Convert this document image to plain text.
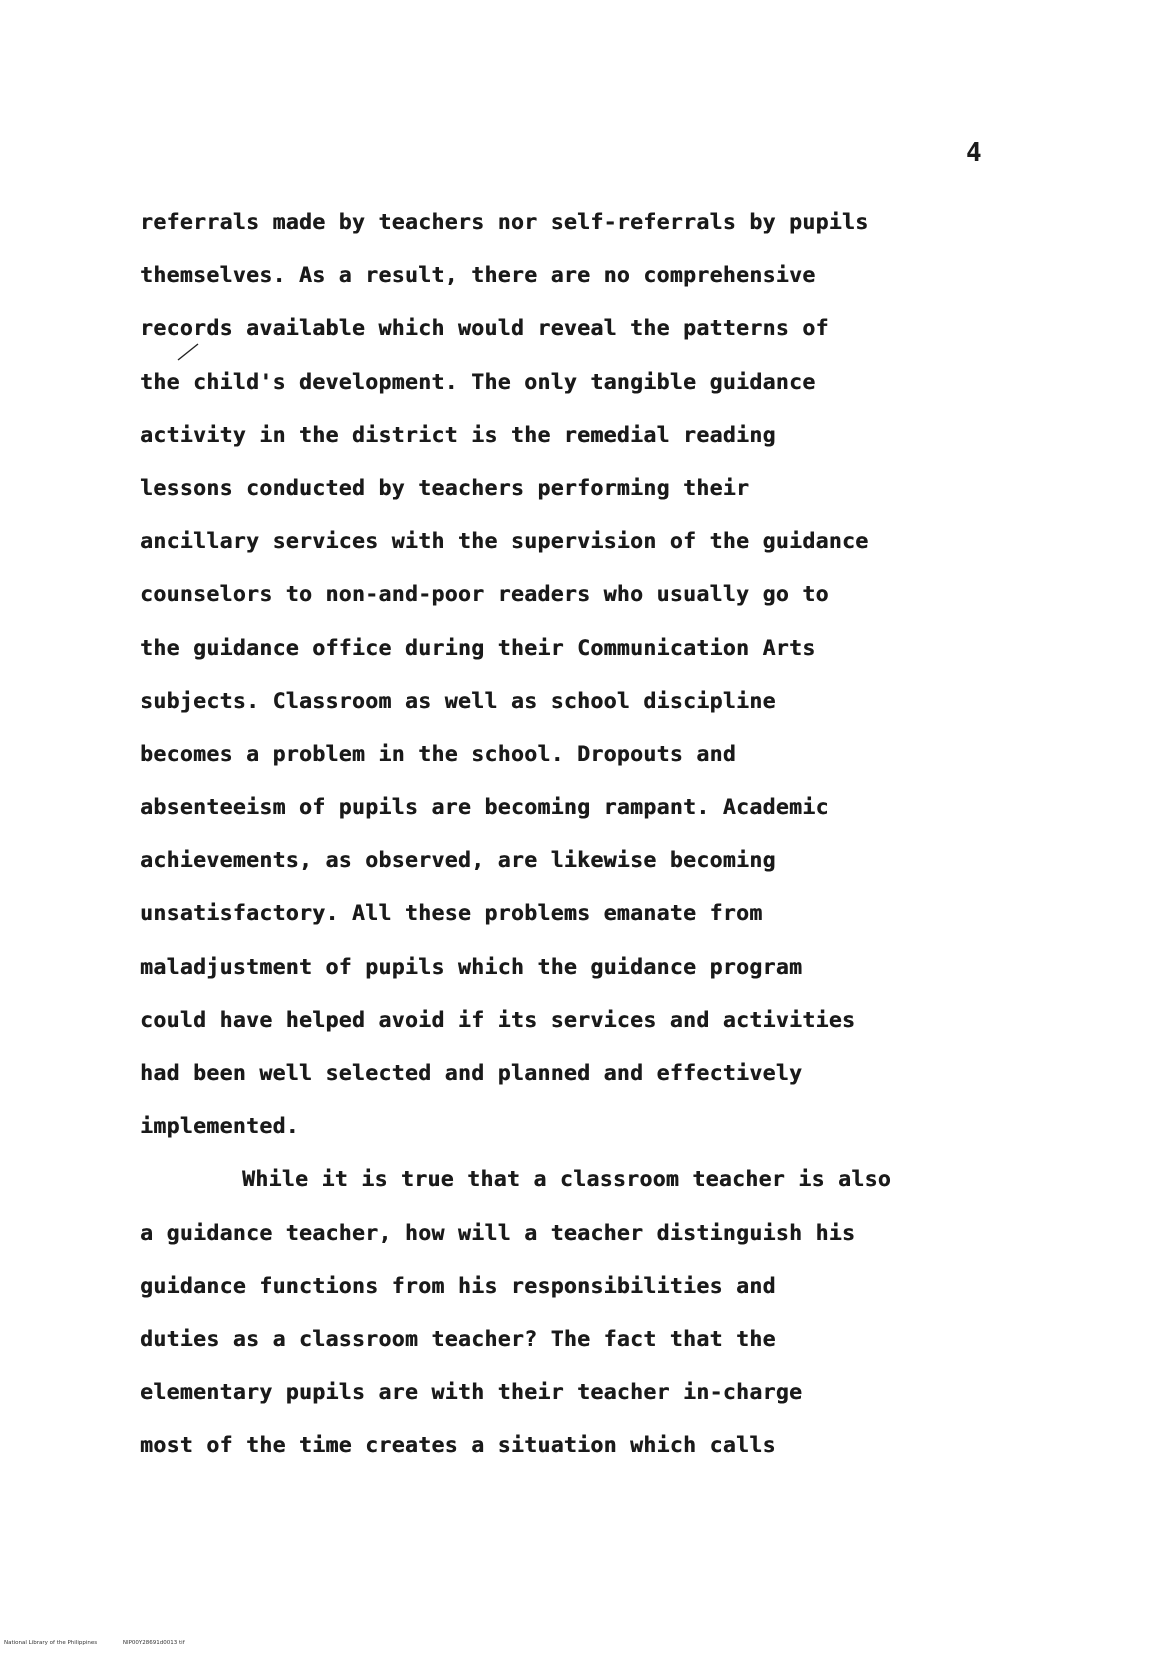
4
referrals made by teachers nor self-referrals by pupils
themselves. As a result, there are no comprehensive
records available which would reveal the patterns of
the child's development. The only tangible guidance
activity in the district is the remedial reading
lessons conducted by teachers performing their
ancillary services with the supervision of the guidance
counselors to non-and-poor readers who usually go to
the guidance office during their Communication Arts
subjects. Classroom as well as school discipline
becomes a problem in the school. Dropouts and
absenteeism of pupils are becoming rampant. Academic
achievements, as observed, are likewise becoming
unsatisfactory. All these problems emanate from
maladjustment of pupils which the guidance program
could have helped avoid if its services and activities
had been well selected and planned and effectively
implemented.
While it is true that a classroom teacher is also
a guidance teacher, how will a teacher distinguish his
guidance functions from his responsibilities and
duties as a classroom teacher? The fact that the
elementary pupils are with their teacher in-charge
most of the time creates a situation which calls
National Library of the Philippines	NIP00Y28691d0013 tif
